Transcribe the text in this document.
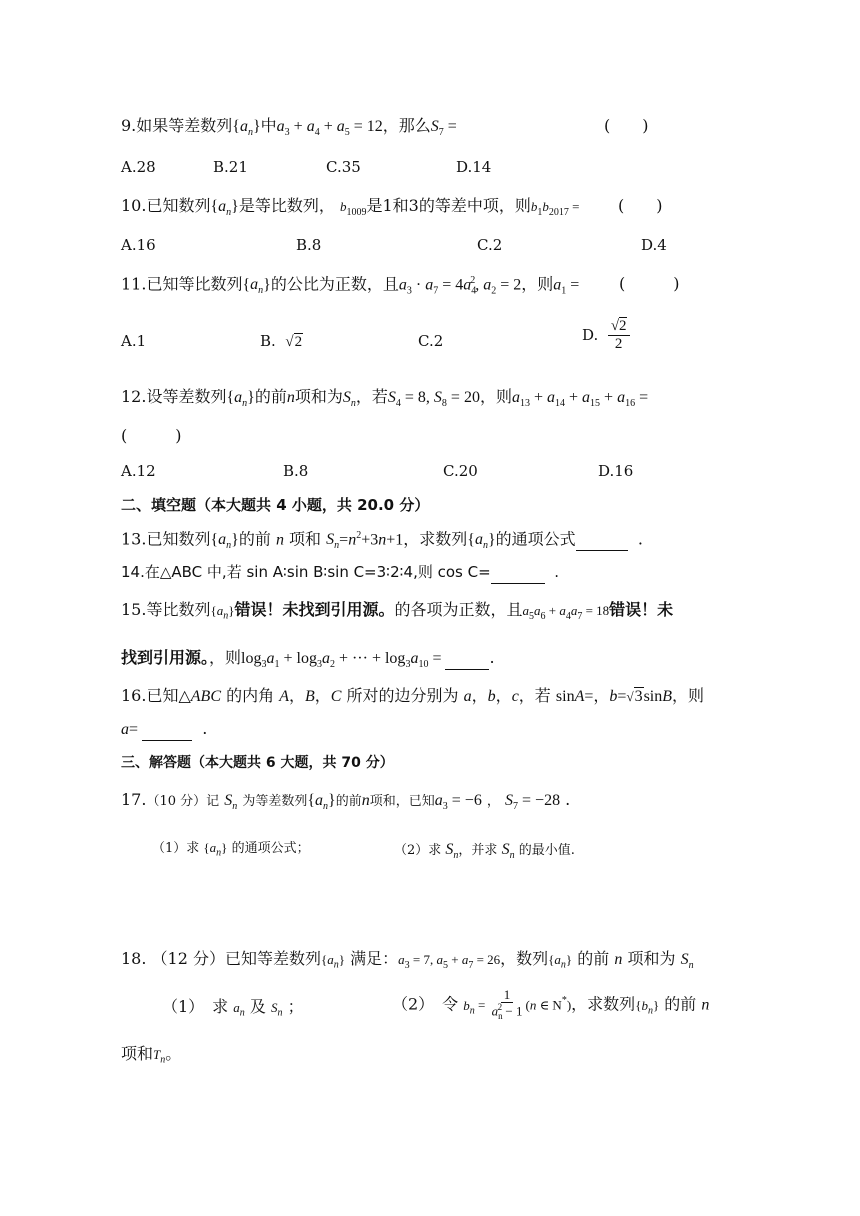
9.如果等差数列$\{a_n\}$中$a_3 + a_4 + a_5 = 12$，那么$S_7$ =	(　　)
A.28	B.21	C.35	D.14
10.已知数列$\{a_n\}$是等比数列， $b_{1009}$是1和3的等差中项，则$b_1b_{2017}$ = (　　)
A.16	B.8	C.2	D.4
11.已知等比数列$\{a_n\}$的公比为正数，且$a_3 \cdot a_7 = 4a_4^2$, $a_2 = 2$，则$a_1$ = (　　　)
A.1	B. √2	C.2	D. $\frac{√2}{2}$
12.设等差数列$\{a_n\}$的前n项和为$S_n$，若$S_4 = 8$, $S_8 = 20$，则$a_{13} + a_{14} + a_{15} + a_{16}$ =
(　　　)
A.12	B.8	C.20	D.16
二、填空题（本大题共 4 小题，共 20.0 分）
13.已知数列$\{a_n\}$的前 n 项和 $S_n=n^2+3n+1$，求数列$\{a_n\}$的通项公式	.
14.在△ABC 中,若 sin A∶sin B∶sin C=3∶2∶4,则 cos C=	.
15.等比数列$\{a_n\}$错误！未找到引用源。的各项为正数，且$a_5a_6 + a_4a_7 = 18$错误！未
找到引用源。，则$\log_3a_1 + \log_3a_2$ + ··· + $\log_3a_{10}$ =	.
16.已知△ABC 的内角 A，B，C 所对的边分别为 a，b，c，若 sinA=，b=√3sinB，则
a=	.
三、解答题（本大题共 6 大题，共 70 分）
17.（10 分）记 $S_n$ 为等差数列$\{a_n\}$的前n项和，已知$a_3 = -6$ ， $S_7 = -28$ .
（1）求 $\{a_n\}$ 的通项公式；	（2）求 $S_n$，并求 $S_n$ 的最小值.
18. （12 分）已知等差数列$\{a_n\}$ 满足：$a_3 = 7$, $a_5 + a_7 = 26$，数列$\{a_n\}$ 的前 n 项和为 $S_n$
（1）　求 $a_n$ 及 $S_n$ ；	（2）　令 $b_n = \frac{1}{a_n^2 - 1} (n$ ∈ N*)，求数列$\{b_n\}$ 的前 n
项和$T_n$。
